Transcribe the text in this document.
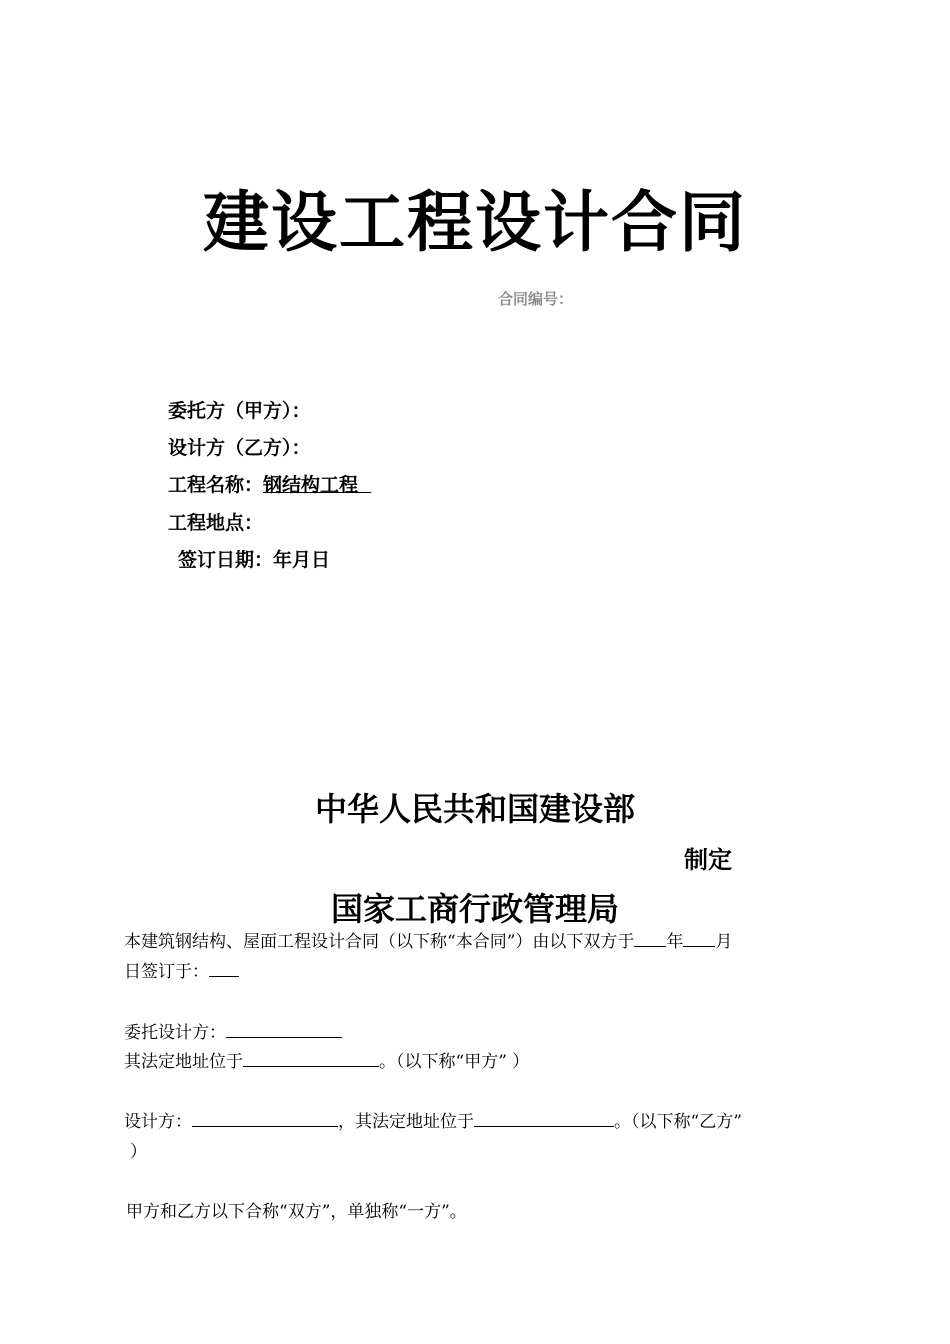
建设工程设计合同
合同编号：
委托方（甲方）：
设计方（乙方）：
工程名称：钢结构工程
工程地点：
签订日期：年月日
中华人民共和国建设部
制定
国家工商行政管理局
本建筑钢结构、屋面工程设计合同（以下称“本合同”）由以下双方于 年 月
日签订于：
委托设计方：
其法定地址位于	。（以下称“甲方” ）
设计方：	，其法定地址位于	。（以下称“乙方”
）
甲方和乙方以下合称“双方”，单独称“一方”。
